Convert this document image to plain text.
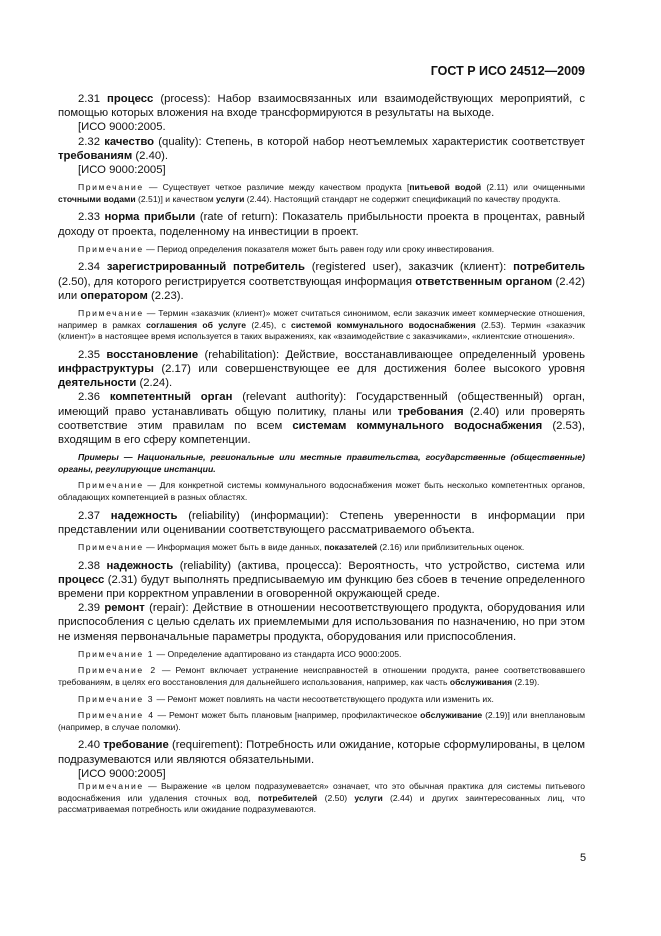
ГОСТ Р ИСО 24512—2009

2.31 процесс (process): Набор взаимосвязанных или взаимодействующих мероприятий, с помощью которых вложения на входе трансформируются в результаты на выходе.

[ИСО 9000:2005.

2.32 качество (quality): Степень, в которой набор неотъемлемых характеристик соответствует требованиям (2.40).

[ИСО 9000:2005]

Примечание — Существует четкое различие между качеством продукта [питьевой водой (2.11) или очищенными сточными водами (2.51)] и качеством услуги (2.44). Настоящий стандарт не содержит спецификаций по качеству продукта.

2.33 норма прибыли (rate of return): Показатель прибыльности проекта в процентах, равный доходу от проекта, поделенному на инвестиции в проект.

Примечание — Период определения показателя может быть равен году или сроку инвестирования.

2.34 зарегистрированный потребитель (registered user), заказчик (клиент): потребитель (2.50), для которого регистрируется соответствующая информация ответственным органом (2.42) или оператором (2.23).

Примечание — Термин «заказчик (клиент)» может считаться синонимом, если заказчик имеет коммерческие отношения, например в рамках соглашения об услуге (2.45), с системой коммунального водоснабжения (2.53). Термин «заказчик (клиент)» в настоящее время используется в таких выражениях, как «взаимодействие с заказчиками», «клиентские отношения».

2.35 восстановление (rehabilitation): Действие, восстанавливающее определенный уровень инфраструктуры (2.17) или совершенствующее ее для достижения более высокого уровня деятельности (2.24).

2.36 компетентный орган (relevant authority): Государственный (общественный) орган, имеющий право устанавливать общую политику, планы или требования (2.40) или проверять соответствие этим правилам по всем системам коммунального водоснабжения (2.53), входящим в его сферу компетенции.

Примеры — Национальные, региональные или местные правительства, государственные (общественные) органы, регулирующие инстанции.

Примечание — Для конкретной системы коммунального водоснабжения может быть несколько компетентных органов, обладающих компетенцией в разных областях.

2.37 надежность (reliability) (информации): Степень уверенности в информации при представлении или оценивании соответствующего рассматриваемого объекта.

Примечание — Информация может быть в виде данных, показателей (2.16) или приблизительных оценок.

2.38 надежность (reliability) (актива, процесса): Вероятность, что устройство, система или процесс (2.31) будут выполнять предписываемую им функцию без сбоев в течение определенного времени при корректном управлении в оговоренной окружающей среде.

2.39 ремонт (repair): Действие в отношении несоответствующего продукта, оборудования или приспособления с целью сделать их приемлемыми для использования по назначению, но при этом не изменяя первоначальные параметры продукта, оборудования или приспособления.

Примечание 1 — Определение адаптировано из стандарта ИСО 9000:2005.

Примечание 2 — Ремонт включает устранение неисправностей в отношении продукта, ранее соответствовавшего требованиям, в целях его восстановления для дальнейшего использования, например, как часть обслуживания (2.19).

Примечание 3 — Ремонт может повлиять на части несоответствующего продукта или изменить их.

Примечание 4 — Ремонт может быть плановым [например, профилактическое обслуживание (2.19)] или внеплановым (например, в случае поломки).

2.40 требование (requirement): Потребность или ожидание, которые сформулированы, в целом подразумеваются или являются обязательными.

[ИСО 9000:2005]

Примечание — Выражение «в целом подразумевается» означает, что это обычная практика для системы питьевого водоснабжения или удаления сточных вод, потребителей (2.50) услуги (2.44) и других заинтересованных лиц, что рассматриваемая потребность или ожидание подразумеваются.

5
